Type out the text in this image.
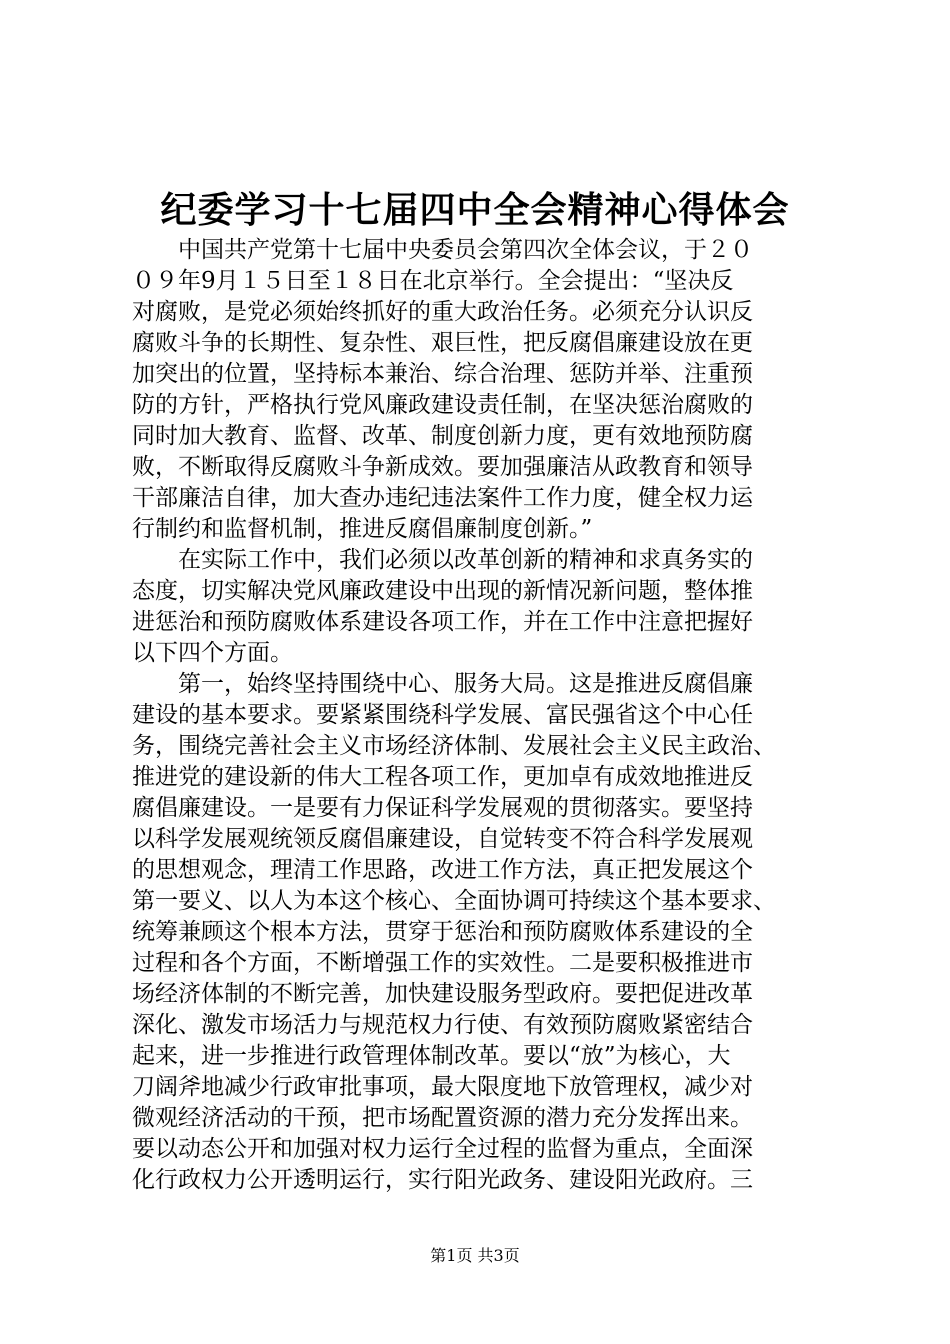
纪委学习十七届四中全会精神心得体会
　　中国共产党第十七届中央委员会第四次全体会议，于２０
０９年9月１５日至１８日在北京举行。全会提出：“坚决反
对腐败，是党必须始终抓好的重大政治任务。必须充分认识反
腐败斗争的长期性、复杂性、艰巨性，把反腐倡廉建设放在更
加突出的位置，坚持标本兼治、综合治理、惩防并举、注重预
防的方针，严格执行党风廉政建设责任制，在坚决惩治腐败的
同时加大教育、监督、改革、制度创新力度，更有效地预防腐
败，不断取得反腐败斗争新成效。要加强廉洁从政教育和领导
干部廉洁自律，加大查办违纪违法案件工作力度，健全权力运
行制约和监督机制，推进反腐倡廉制度创新。”
　　在实际工作中，我们必须以改革创新的精神和求真务实的
态度，切实解决党风廉政建设中出现的新情况新问题，整体推
进惩治和预防腐败体系建设各项工作，并在工作中注意把握好
以下四个方面。
　　第一，始终坚持围绕中心、服务大局。这是推进反腐倡廉
建设的基本要求。要紧紧围绕科学发展、富民强省这个中心任
务，围绕完善社会主义市场经济体制、发展社会主义民主政治、
推进党的建设新的伟大工程各项工作，更加卓有成效地推进反
腐倡廉建设。一是要有力保证科学发展观的贯彻落实。要坚持
以科学发展观统领反腐倡廉建设，自觉转变不符合科学发展观
的思想观念，理清工作思路，改进工作方法，真正把发展这个
第一要义、以人为本这个核心、全面协调可持续这个基本要求、
统筹兼顾这个根本方法，贯穿于惩治和预防腐败体系建设的全
过程和各个方面，不断增强工作的实效性。二是要积极推进市
场经济体制的不断完善，加快建设服务型政府。要把促进改革
深化、激发市场活力与规范权力行使、有效预防腐败紧密结合
起来，进一步推进行政管理体制改革。要以“放”为核心，大
刀阔斧地减少行政审批事项，最大限度地下放管理权，减少对
微观经济活动的干预，把市场配置资源的潜力充分发挥出来。
要以动态公开和加强对权力运行全过程的监督为重点，全面深
化行政权力公开透明运行，实行阳光政务、建设阳光政府。三
第1页 共3页
